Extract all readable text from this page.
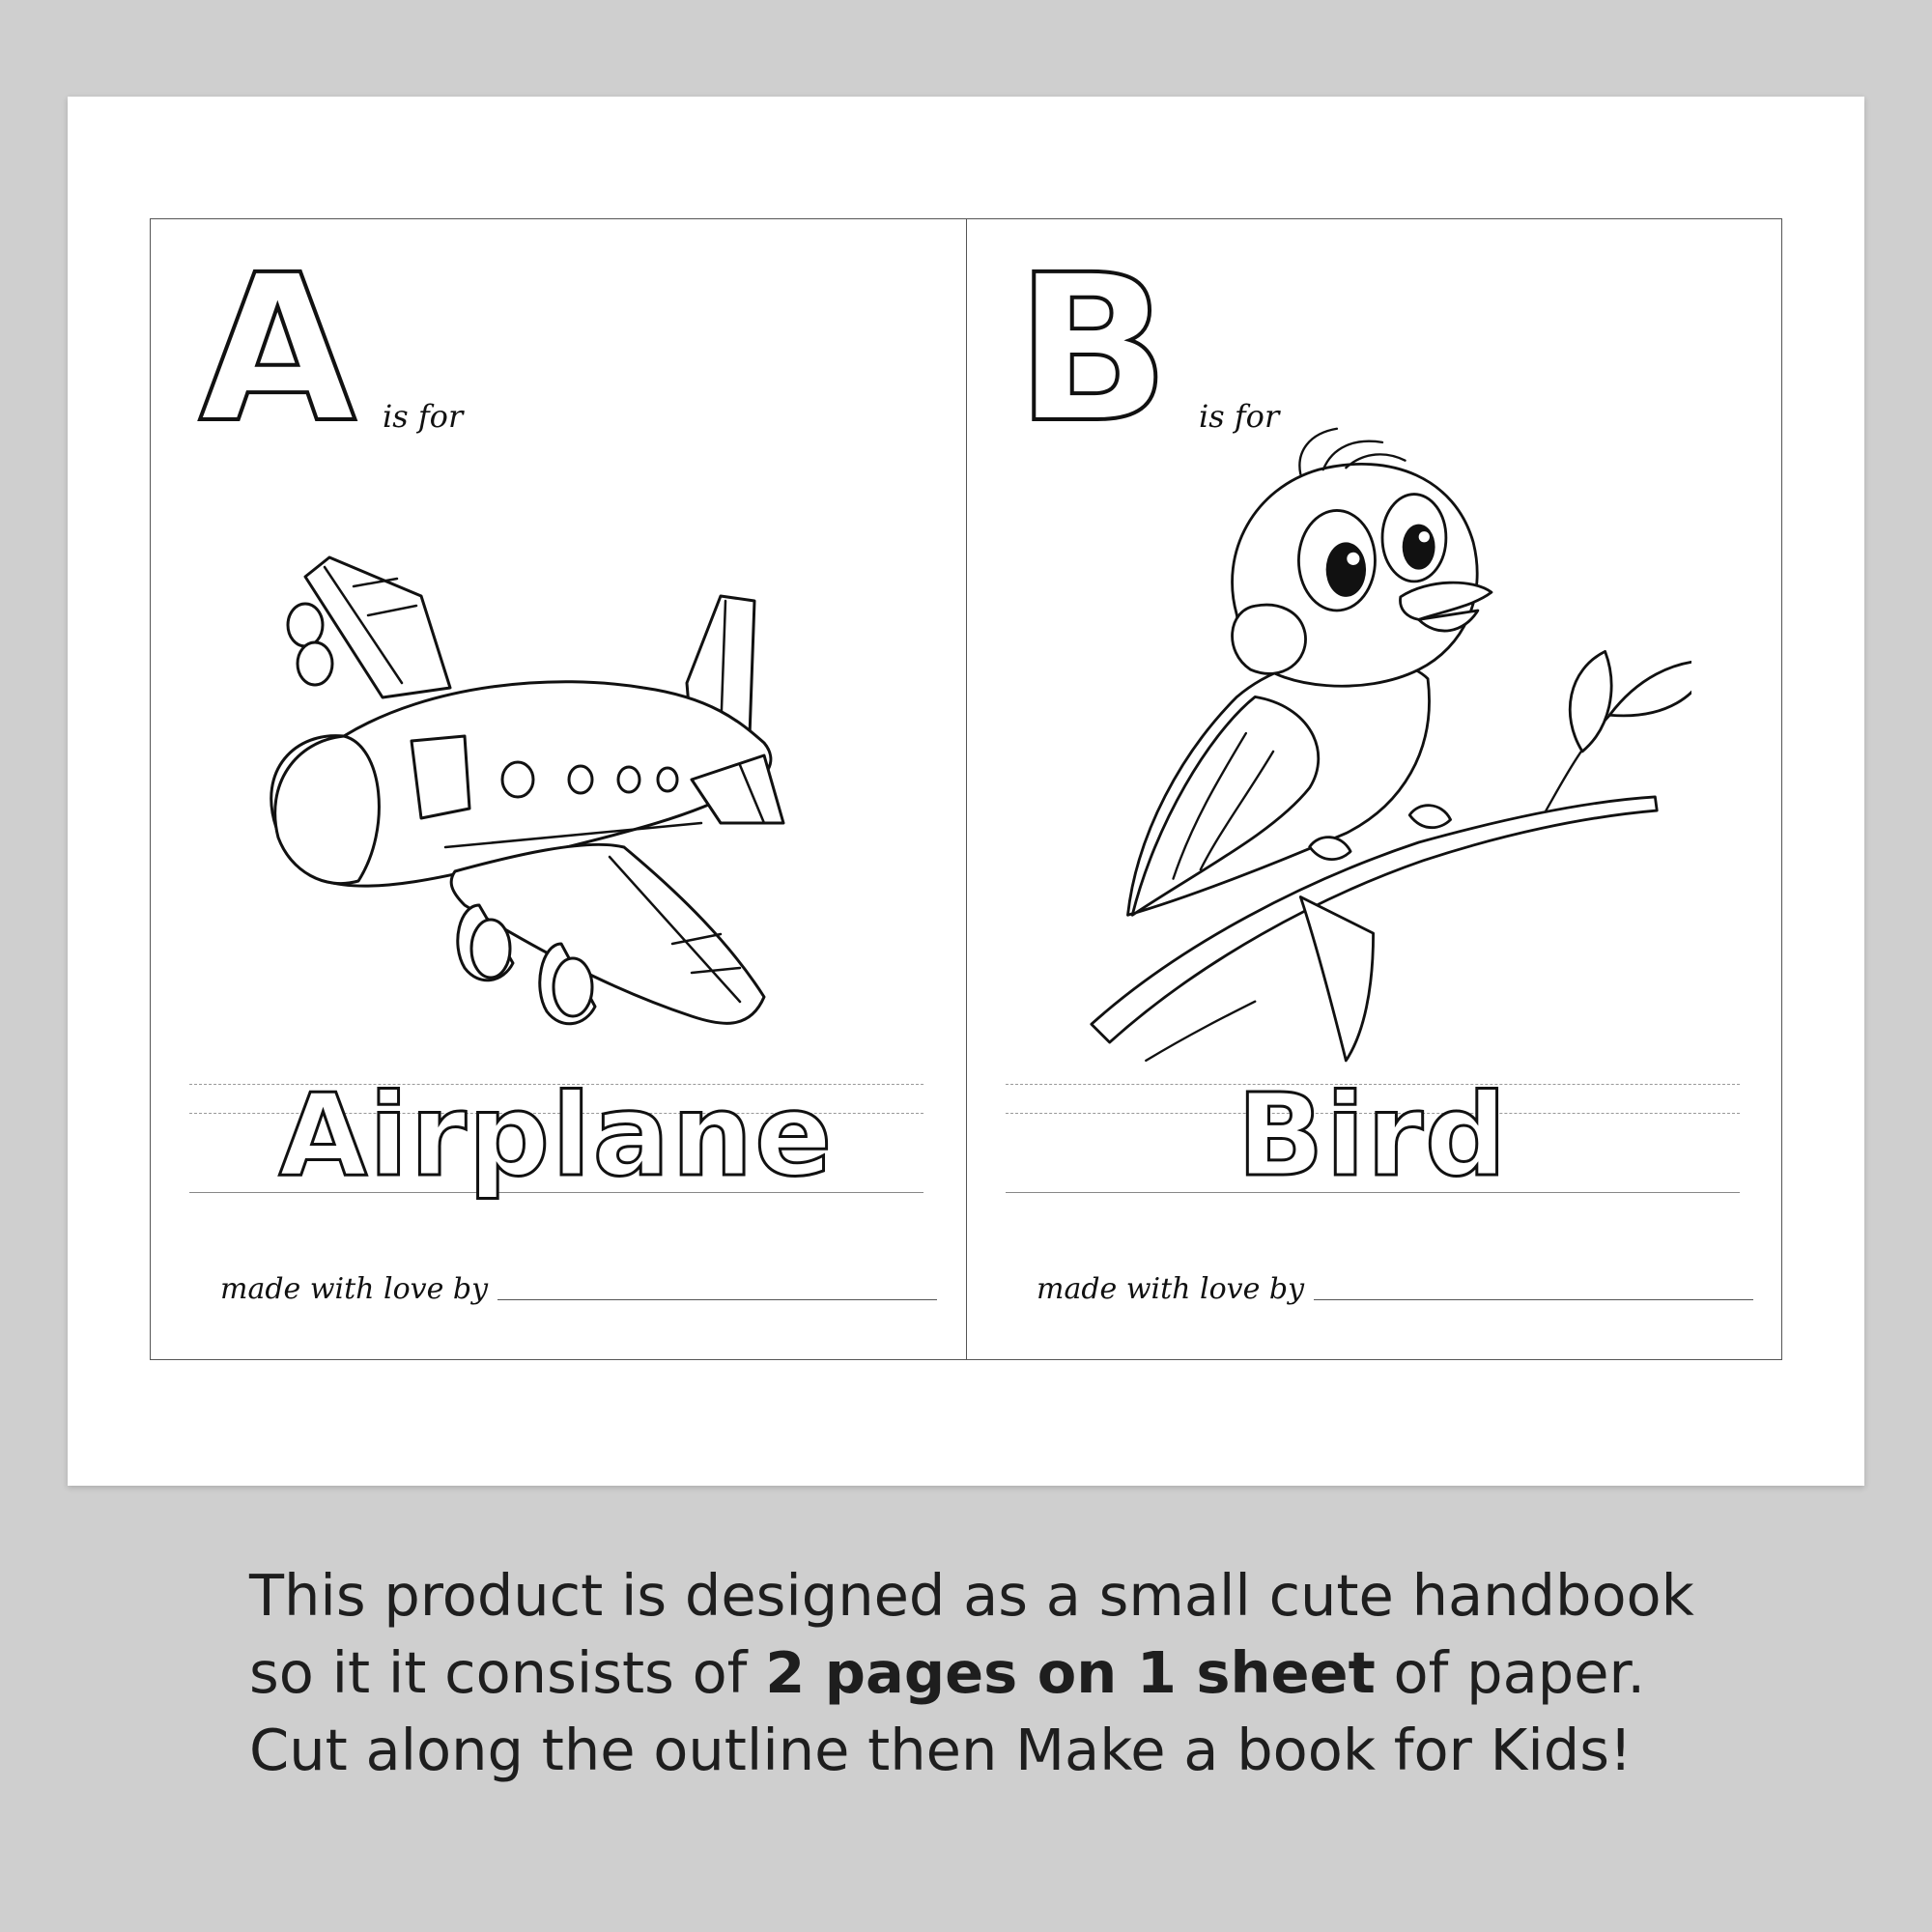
A is for
Airplane
made with love by
B is for
Bird
made with love by
This product is designed as a small cute handbook
so it it consists of 2 pages on 1 sheet of paper.
Cut along the outline then Make a book for Kids!
